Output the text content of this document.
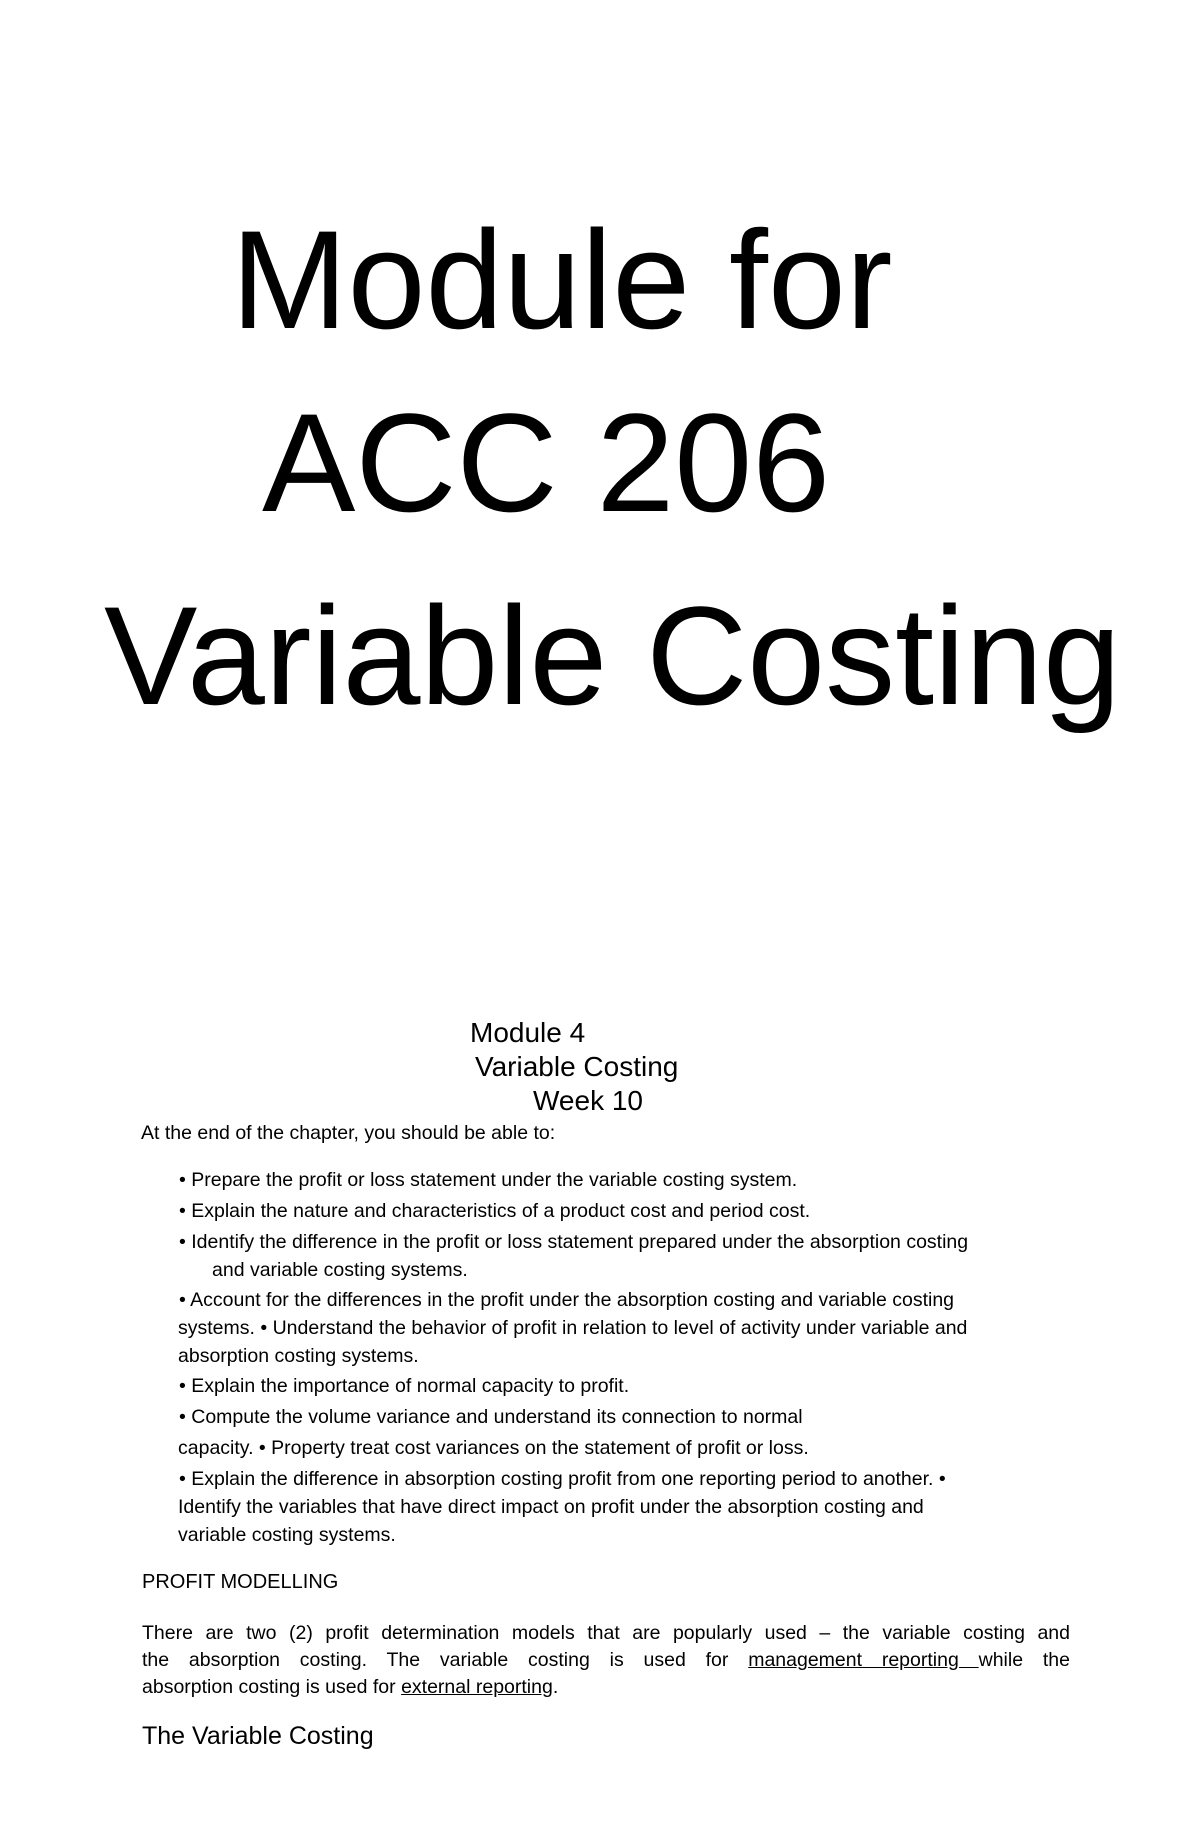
Module for
ACC 206
Variable Costing
Module 4
Variable Costing
Week 10
At the end of the chapter, you should be able to:
• Prepare the profit or loss statement under the variable costing system.
• Explain the nature and characteristics of a product cost and period cost.
• Identify the difference in the profit or loss statement prepared under the absorption costing
and variable costing systems.
• Account for the differences in the profit under the absorption costing and variable costing
systems. • Understand the behavior of profit in relation to level of activity under variable and
absorption costing systems.
• Explain the importance of normal capacity to profit.
• Compute the volume variance and understand its connection to normal
capacity. • Property treat cost variances on the statement of profit or loss.
• Explain the difference in absorption costing profit from one reporting period to another. •
Identify the variables that have direct impact on profit under the absorption costing and
variable costing systems.
PROFIT MODELLING
There are two (2) profit determination models that are popularly used – the variable costing and
the absorption costing. The variable costing is used for management reporting while the
absorption costing is used for external reporting.
The Variable Costing
